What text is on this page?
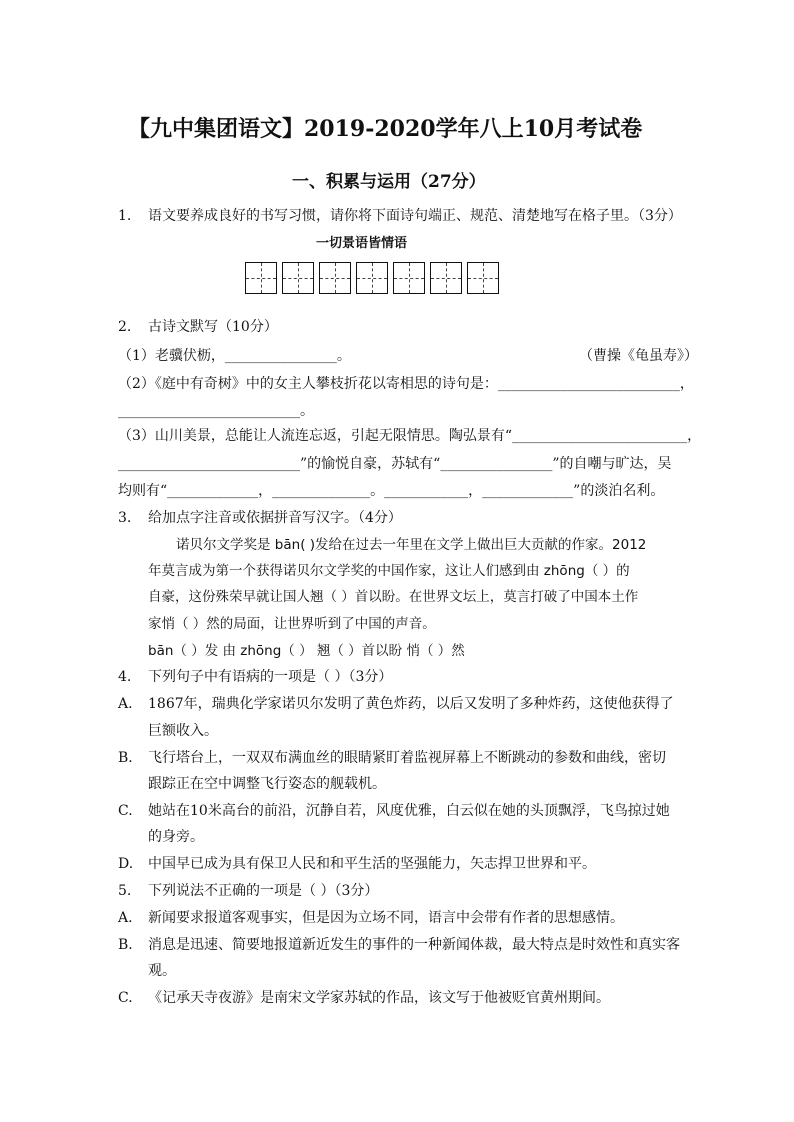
【九中集团语文】2019-2020学年八上10月考试卷
一、积累与运用（27分）
1. 语文要养成良好的书写习惯，请你将下面诗句端正、规范、清楚地写在格子里。（3分）
一切景语皆情语
2. 古诗文默写（10分）
（1）老骥伏枥，________________。	（曹操《龟虽寿》）
（2）《庭中有奇树》中的女主人攀枝折花以寄相思的诗句是：__________________________，
__________________________。
（3）山川美景，总能让人流连忘返，引起无限情思。陶弘景有“_________________________，
__________________________”的愉悦自豪，苏轼有“________________”的自嘲与旷达，吴
均则有“_____________，______________。____________，_____________”的淡泊名利。
3. 给加点字注音或依据拼音写汉字。（4分）
诺贝尔文学奖是 bān( )发给在过去一年里在文学上做出巨大贡献的作家。2012
年莫言成为第一个获得诺贝尔文学奖的中国作家，这让人们感到由 zhōng（ ）的
自豪，这份殊荣早就让国人翘（ ）首以盼。在世界文坛上，莫言打破了中国本土作
家悄（ ）然的局面，让世界听到了中国的声音。
bān（ ）发 由 zhōng（ ） 翘（ ）首以盼 悄（ ）然
4. 下列句子中有语病的一项是（ ）（3分）
A. 1867年，瑞典化学家诺贝尔发明了黄色炸药，以后又发明了多种炸药，这使他获得了
巨额收入。
B. 飞行塔台上，一双双布满血丝的眼睛紧盯着监视屏幕上不断跳动的参数和曲线，密切
跟踪正在空中调整飞行姿态的舰载机。
C. 她站在10米高台的前沿，沉静自若，风度优雅，白云似在她的头顶飘浮，飞鸟掠过她
的身旁。
D. 中国早已成为具有保卫人民和和平生活的坚强能力，矢志捍卫世界和平。
5. 下列说法不正确的一项是（ ）（3分）
A. 新闻要求报道客观事实，但是因为立场不同，语言中会带有作者的思想感情。
B. 消息是迅速、简要地报道新近发生的事件的一种新闻体裁，最大特点是时效性和真实客
观。
C. 《记承天寺夜游》是南宋文学家苏轼的作品，该文写于他被贬官黄州期间。
